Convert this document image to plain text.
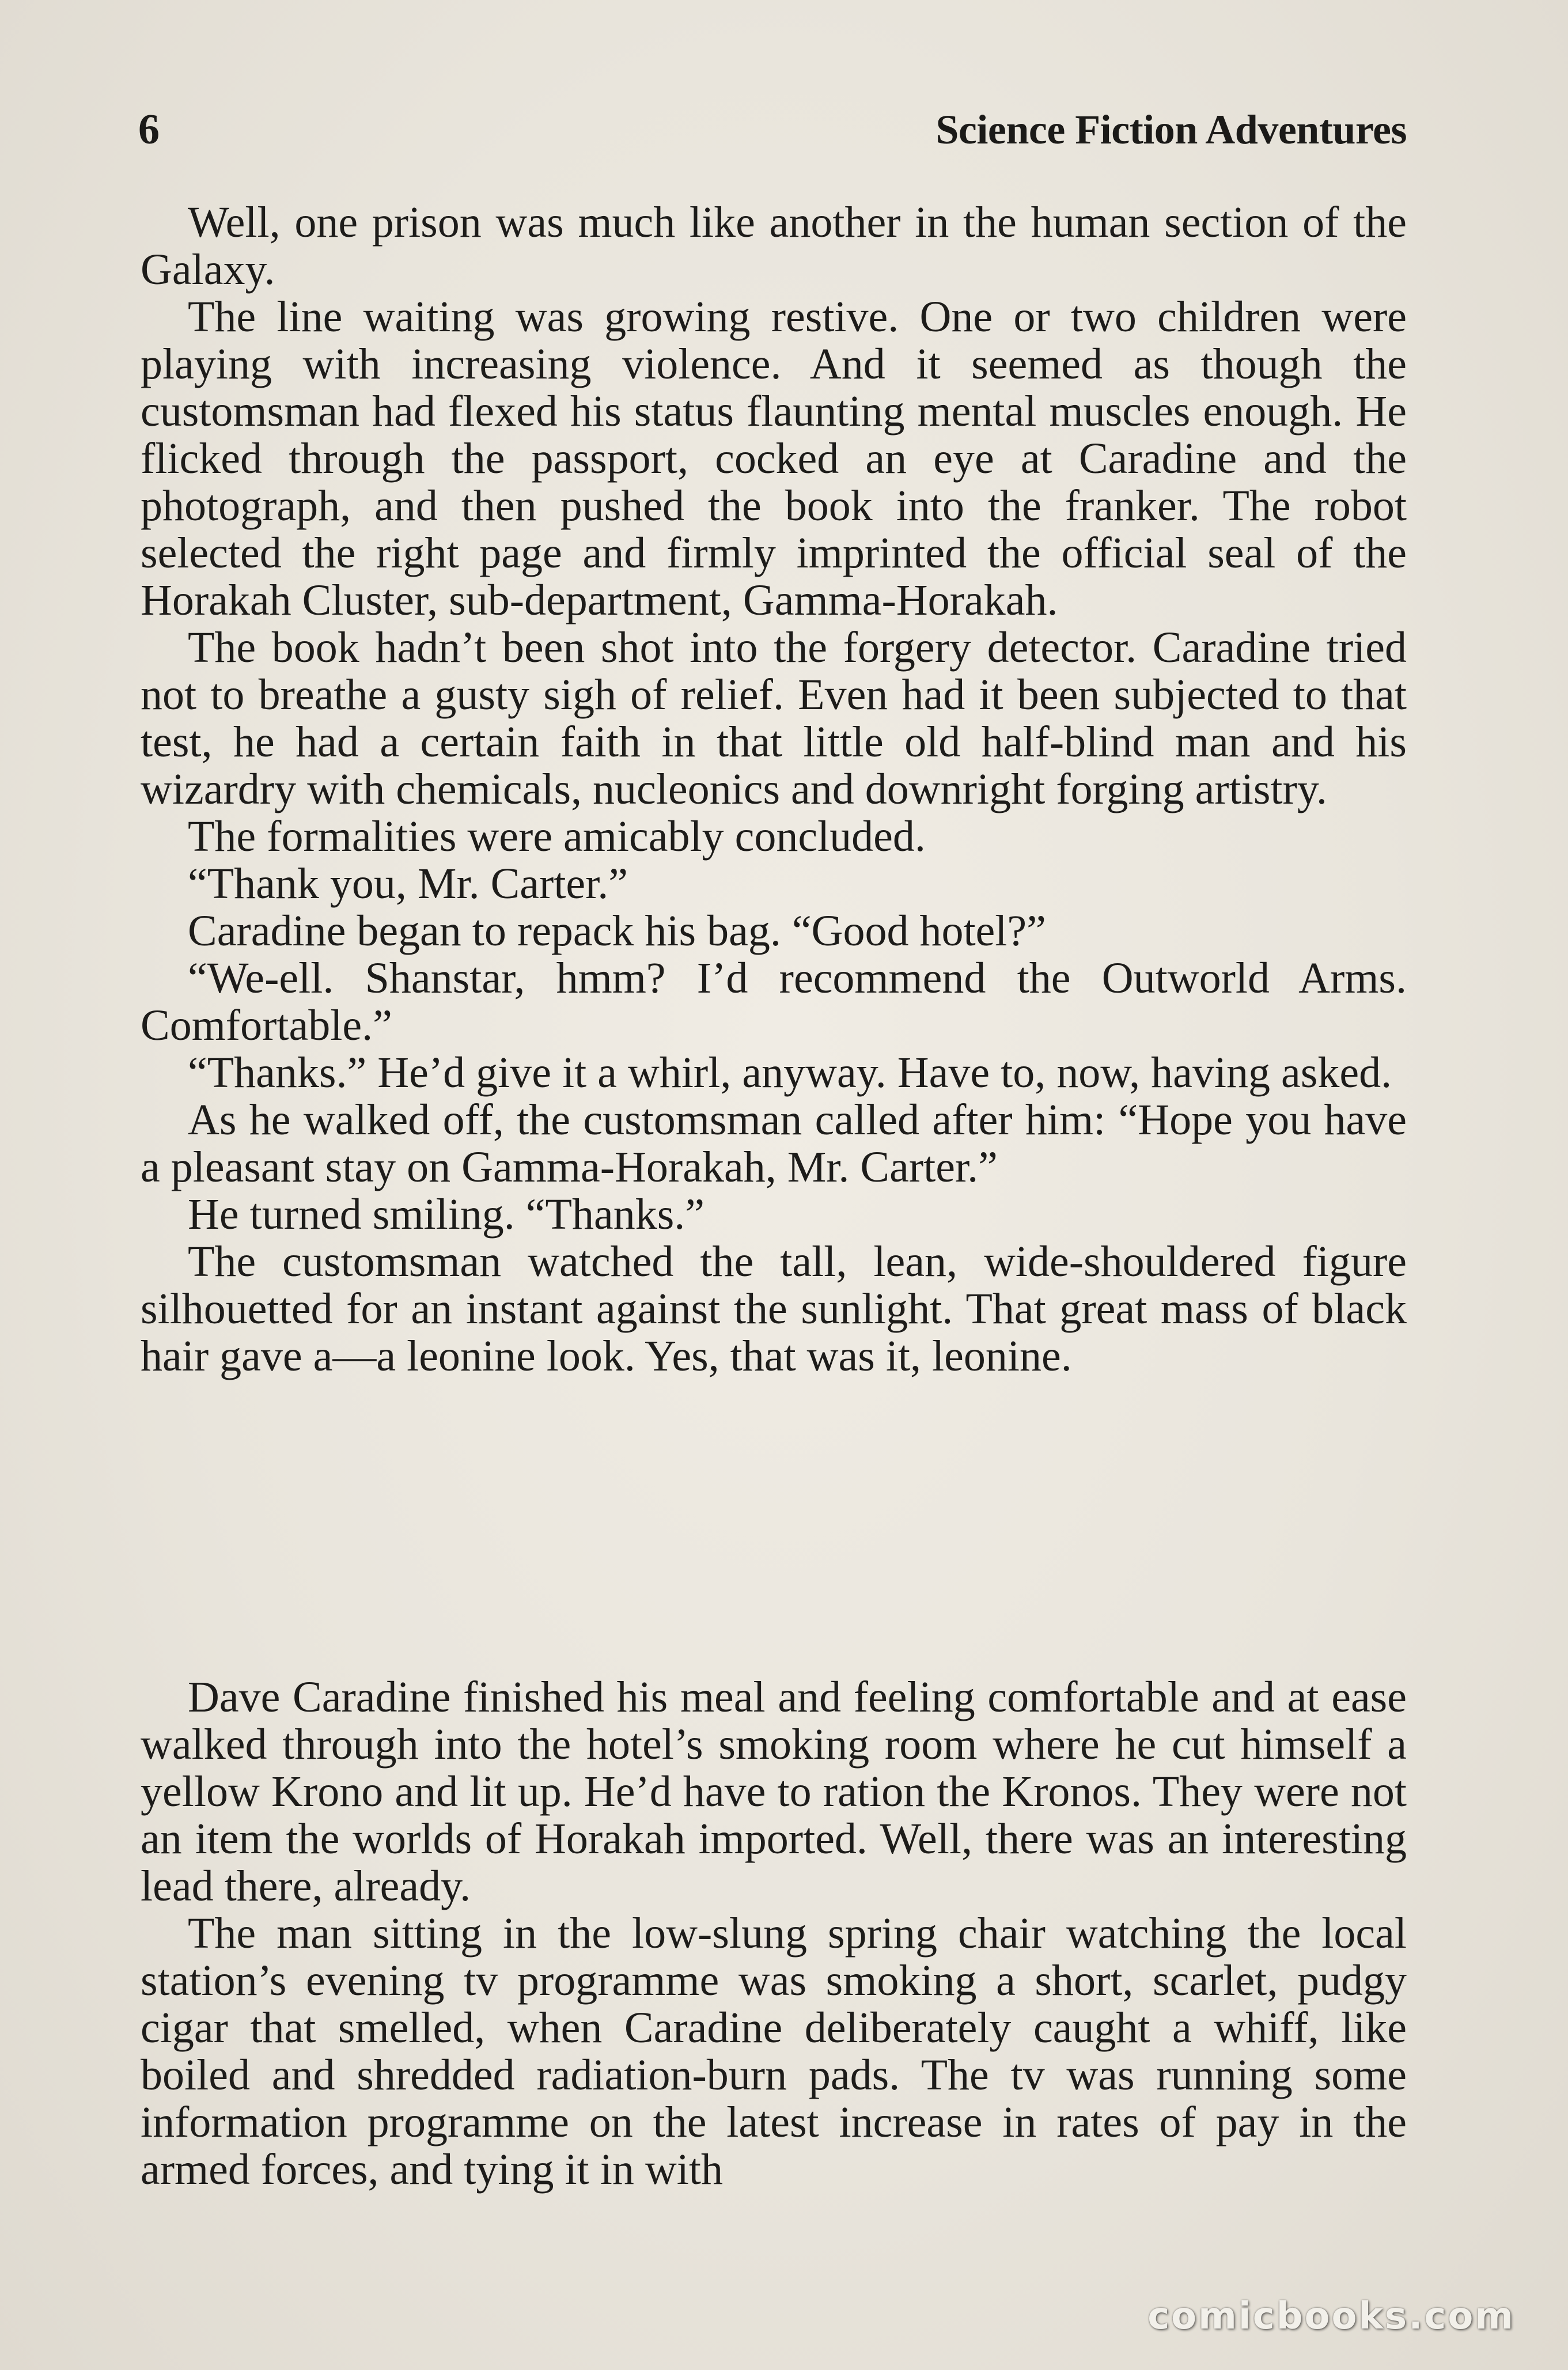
6	Science Fiction Adventures

Well, one prison was much like another in the human section of the Galaxy.

The line waiting was growing restive. One or two children were playing with increasing violence. And it seemed as though the customsman had flexed his status flaunting mental muscles enough. He flicked through the passport, cocked an eye at Caradine and the photograph, and then pushed the book into the franker. The robot selected the right page and firmly imprinted the official seal of the Horakah Cluster, sub-department, Gamma-Horakah.

The book hadn’t been shot into the forgery detector. Caradine tried not to breathe a gusty sigh of relief. Even had it been subjected to that test, he had a certain faith in that little old half-blind man and his wizardry with chemicals, nucleonics and downright forging artistry.

The formalities were amicably concluded.

“Thank you, Mr. Carter.”

Caradine began to repack his bag. “Good hotel?”

“We-ell. Shanstar, hmm? I’d recommend the Outworld Arms. Comfortable.”

“Thanks.” He’d give it a whirl, anyway. Have to, now, having asked.

As he walked off, the customsman called after him: “Hope you have a pleasant stay on Gamma-Horakah, Mr. Carter.”

He turned smiling. “Thanks.”

The customsman watched the tall, lean, wide-shouldered figure silhouetted for an instant against the sunlight. That great mass of black hair gave a—a leonine look. Yes, that was it, leonine.

Dave Caradine finished his meal and feeling comfortable and at ease walked through into the hotel’s smoking room where he cut himself a yellow Krono and lit up. He’d have to ration the Kronos. They were not an item the worlds of Horakah imported. Well, there was an interesting lead there, already.

The man sitting in the low-slung spring chair watching the local station’s evening tv programme was smoking a short, scarlet, pudgy cigar that smelled, when Caradine deliberately caught a whiff, like boiled and shredded radiation-burn pads. The tv was running some information programme on the latest increase in rates of pay in the armed forces, and tying it in with

comicbooks.com
